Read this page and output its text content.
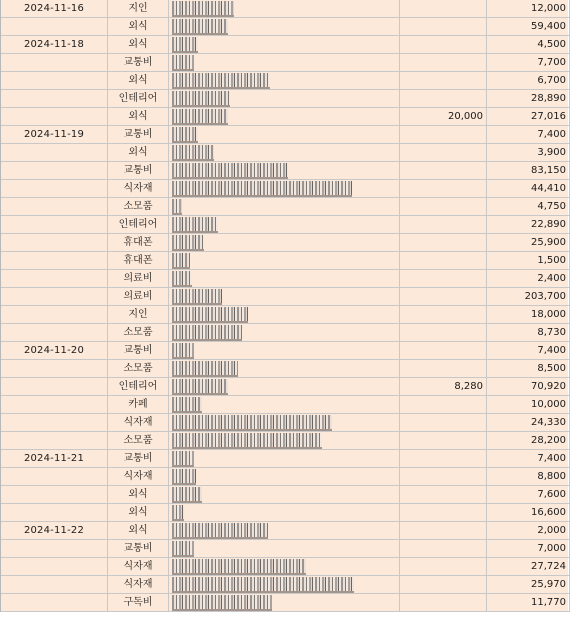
2024-11-16	지인			12,000
	외식			59,400
2024-11-18	외식			4,500
	교통비			7,700
	외식			6,700
	인테리어			28,890
	외식		20,000	27,016
2024-11-19	교통비			7,400
	외식			3,900
	교통비			83,150
	식자재			44,410
	소모품			4,750
	인테리어			22,890
	휴대폰			25,900
	휴대폰			1,500
	의료비			2,400
	의료비			203,700
	지인			18,000
	소모품			8,730
2024-11-20	교통비			7,400
	소모품			8,500
	인테리어		8,280	70,920
	카페			10,000
	식자재			24,330
	소모품			28,200
2024-11-21	교통비			7,400
	식자재			8,800
	외식			7,600
	외식			16,600
2024-11-22	외식			2,000
	교통비			7,000
	식자재			27,724
	식자재			25,970
	구독비			11,770
